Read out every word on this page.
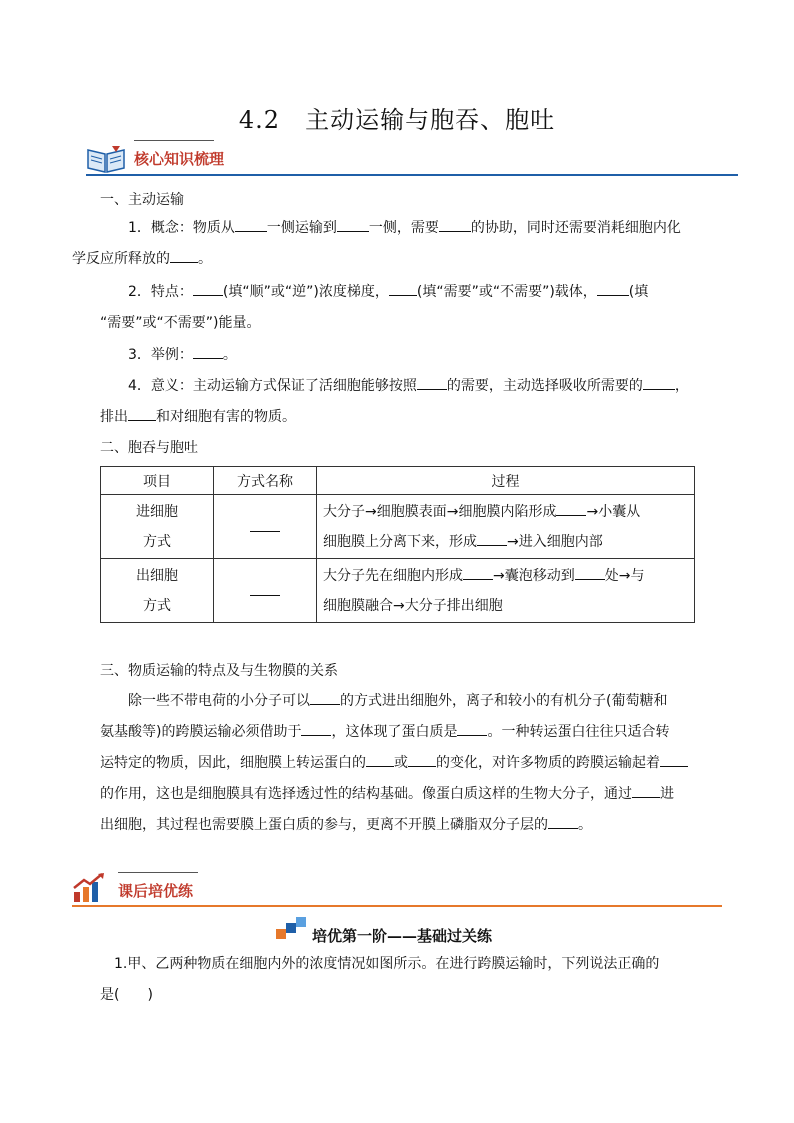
4.2　主动运输与胞吞、胞吐
核心知识梳理
一、主动运输
1．概念：物质从 一侧运输到 一侧，需要 的协助，同时还需要消耗细胞内化
学反应所释放的 。
2．特点： (填“顺”或“逆”)浓度梯度， (填“需要”或“不需要”)载体， (填
“需要”或“不需要”)能量。
3．举例： 。
4．意义：主动运输方式保证了活细胞能够按照 的需要，主动选择吸收所需要的 ，
排出 和对细胞有害的物质。
二、胞吞与胞吐
项目	方式名称	过程
进细胞
方式		大分子→细胞膜表面→细胞膜内陷形成 →小囊从
细胞膜上分离下来，形成 →进入细胞内部
出细胞
方式		大分子先在细胞内形成 →囊泡移动到 处→与
细胞膜融合→大分子排出细胞
三、物质运输的特点及与生物膜的关系
除一些不带电荷的小分子可以 的方式进出细胞外，离子和较小的有机分子(葡萄糖和
氨基酸等)的跨膜运输必须借助于 ，这体现了蛋白质是 。一种转运蛋白往往只适合转
运特定的物质，因此，细胞膜上转运蛋白的 或 的变化，对许多物质的跨膜运输起着
的作用，这也是细胞膜具有选择透过性的结构基础。像蛋白质这样的生物大分子，通过 进
出细胞，其过程也需要膜上蛋白质的参与，更离不开膜上磷脂双分子层的 。
课后培优练
培优第一阶——基础过关练
1.甲、乙两种物质在细胞内外的浓度情况如图所示。在进行跨膜运输时，下列说法正确的
是(　　)
